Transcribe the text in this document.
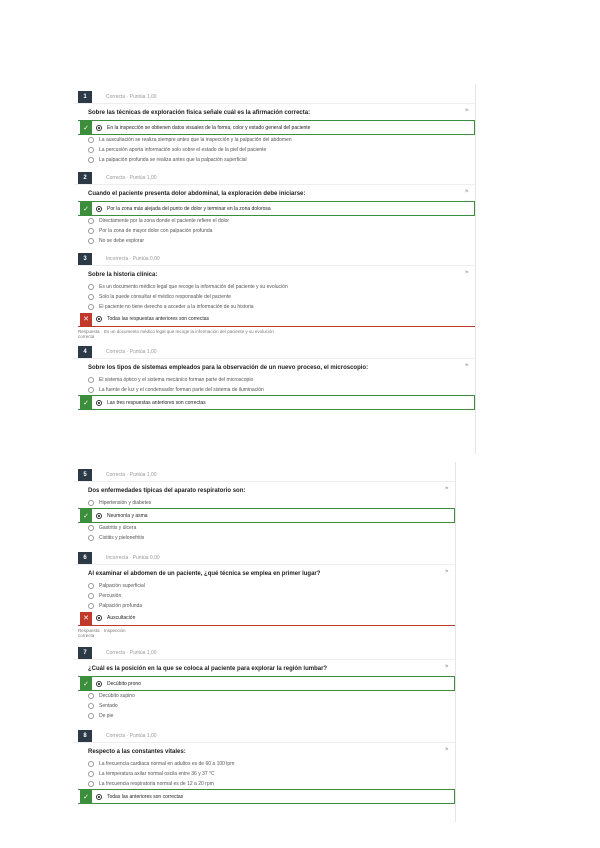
1	Correcta · Puntúa 1,00
⚑
Sobre las técnicas de exploración física señale cuál es la afirmación correcta:
✓	En la inspección se obtienen datos visuales de la forma, color y estado general del paciente
La auscultación se realiza siempre antes que la inspección y la palpación del abdomen
La percusión aporta información solo sobre el estado de la piel del paciente
La palpación profunda se realiza antes que la palpación superficial
2	Correcta · Puntúa 1,00
⚑
Cuando el paciente presenta dolor abdominal, la exploración debe iniciarse:
✓	Por la zona más alejada del punto de dolor y terminar en la zona dolorosa
Directamente por la zona donde el paciente refiere el dolor
Por la zona de mayor dolor con palpación profunda
No se debe explorar
3	Incorrecta · Puntúa 0,00
⚑
Sobre la historia clínica:
Es un documento médico legal que recoge la información del paciente y su evolución
Solo la puede consultar el médico responsable del paciente
El paciente no tiene derecho a acceder a la información de su historia
✕	Todas las respuestas anteriores son correctas
Respuesta correcta
Es un documento médico legal que recoge la información del paciente y su evolución
4	Correcta · Puntúa 1,00
⚑
Sobre los tipos de sistemas empleados para la observación de un nuevo proceso, el microscopio:
El sistema óptico y el sistema mecánico forman parte del microscopio
La fuente de luz y el condensador forman parte del sistema de iluminación
✓	Las tres respuestas anteriores son correctas
5	Correcta · Puntúa 1,00
⚑
Dos enfermedades típicas del aparato respiratorio son:
Hipertensión y diabetes
✓	Neumonía y asma
Gastritis y úlcera
Cistitis y pielonefritis
6	Incorrecta · Puntúa 0,00
⚑
Al examinar el abdomen de un paciente, ¿qué técnica se emplea en primer lugar?
Palpación superficial
Percusión
Palpación profunda
✕	Auscultación
Respuesta correcta
Inspección
7	Correcta · Puntúa 1,00
⚑
¿Cuál es la posición en la que se coloca al paciente para explorar la región lumbar?
✓	Decúbito prono
Decúbito supino
Sentado
De pie
8	Correcta · Puntúa 1,00
⚑
Respecto a las constantes vitales:
La frecuencia cardiaca normal en adultos es de 60 a 100 lpm
La temperatura axilar normal oscila entre 36 y 37 °C
La frecuencia respiratoria normal es de 12 a 20 rpm
✓	Todas las anteriores son correctas
